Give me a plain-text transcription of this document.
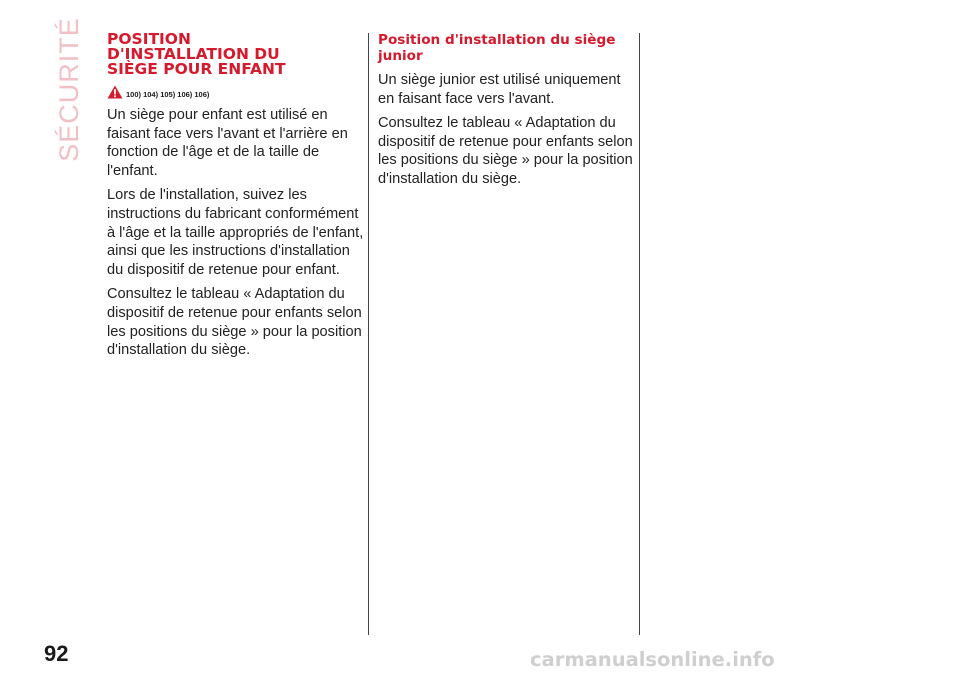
SÉCURITÉ POSITION
D'INSTALLATION DU
SIÈGE POUR ENFANT
100) 104) 105) 106) 106)

Un siège pour enfant est utilisé en
faisant face vers l'avant et l'arrière en
fonction de l'âge et de la taille de
l'enfant.

Lors de l'installation, suivez les
instructions du fabricant conformément
à l'âge et la taille appropriés de l'enfant,
ainsi que les instructions d'installation
du dispositif de retenue pour enfant.

Consultez le tableau « Adaptation du
dispositif de retenue pour enfants selon
les positions du siège » pour la position
d'installation du siège.

Position d'installation du siège
junior

Un siège junior est utilisé uniquement
en faisant face vers l'avant.

Consultez le tableau « Adaptation du
dispositif de retenue pour enfants selon
les positions du siège » pour la position
d'installation du siège.

92	carmanualsonline.info
